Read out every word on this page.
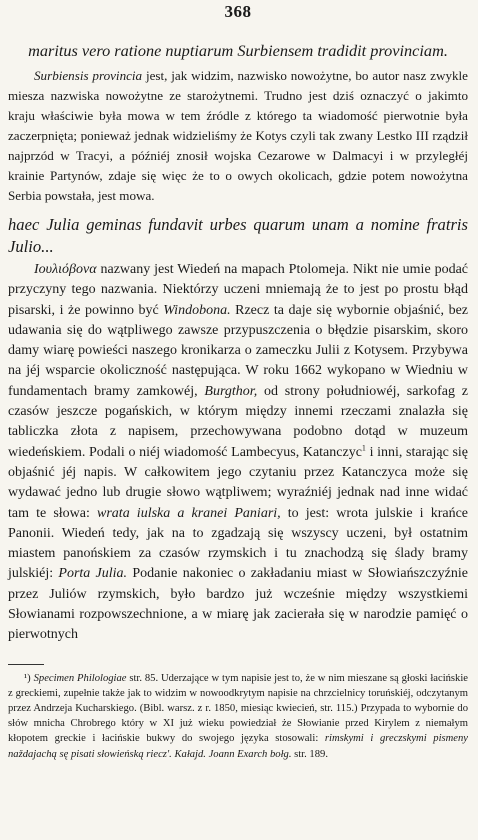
368

maritus vero ratione nuptiarum Surbiensem tradidit provinciam.

Surbiensis provincia jest, jak widzim, nazwisko nowożytne, bo autor nasz zwykle miesza nazwiska nowożytne ze starożytnemi. Trudno jest dziś oznaczyć o jakimto kraju właściwie była mowa w tem źródle z którego ta wiadomość pierwotnie była zaczerpnięta; ponieważ jednak widzieliśmy że Kotys czyli tak zwany Lestko III rządził najprzód w Tracyi, a późniéj znosił wojska Cezarowe w Dalmacyi i w przyległéj krainie Partynów, zdaje się więc że to o owych okolicach, gdzie potem nowożytna Serbia powstała, jest mowa.

haec Julia geminas fundavit urbes quarum unam a nomine fratris Julio...

Ιουλιόβονα nazwany jest Wiedeń na mapach Ptolomeja. Nikt nie umie podać przyczyny tego nazwania. Niektórzy uczeni mniemają że to jest po prostu błąd pisarski, i że powinno być Windobona. Rzecz ta daje się wybornie objaśnić, bez udawania się do wątpliwego zawsze przypuszczenia o błędzie pisarskim, skoro damy wiarę powieści naszego kronikarza o zameczku Julii z Kotysem. Przybywa na jéj wsparcie okoliczność następująca. W roku 1662 wykopano w Wiedniu w fundamentach bramy zamkowéj, Burgthor, od strony południowéj, sarkofag z czasów jeszcze pogańskich, w którym między innemi rzeczami znalazła się tabliczka złota z napisem, przechowywana podobno dotąd w muzeum wiedeńskiem. Podali o niéj wiadomość Lambecyus, Katanczyc$^1$ i inni, starając się objaśnić jéj napis. W całkowitem jego czytaniu przez Katanczyca może się wydawać jedno lub drugie słowo wątpliwem; wyraźniéj jednak nad inne widać tam te słowa: wrata iulska a kranei Paniari, to jest: wrota julskie i krańce Panonii. Wiedeń tedy, jak na to zgadzają się wszyscy uczeni, był ostatnim miastem panońskiem za czasów rzymskich i tu znachodzą się ślady bramy julskiéj: Porta Julia. Podanie nakoniec o zakładaniu miast w Słowiańszczyźnie przez Juliów rzymskich, było bardzo już wcześnie między wszystkiemi Słowianami rozpowszechnione, a w miarę jak zacierała się w narodzie pamięć o pierwotnych

¹) Specimen Philologiae str. 85. Uderzające w tym napisie jest to, że w nim mieszane są głoski łacińskie z greckiemi, zupełnie także jak to widzim w nowoodkrytym napisie na chrzcielnicy toruńskiéj, odczytanym przez Andrzeja Kucharskiego. (Bibl. warsz. z r. 1850, miesiąc kwiecień, str. 115.) Przypada to wybornie do słów mnicha Chrobrego który w XI już wieku powiedział że Słowianie przed Kirylem z niemałym kłopotem greckie i łacińskie bukwy do swojego języka stosowali: rimskymi i greczskymi pismeny naždajachą sę pisati słowieńską riecz'. Kałajd. Joann Exarch bołg. str. 189.
